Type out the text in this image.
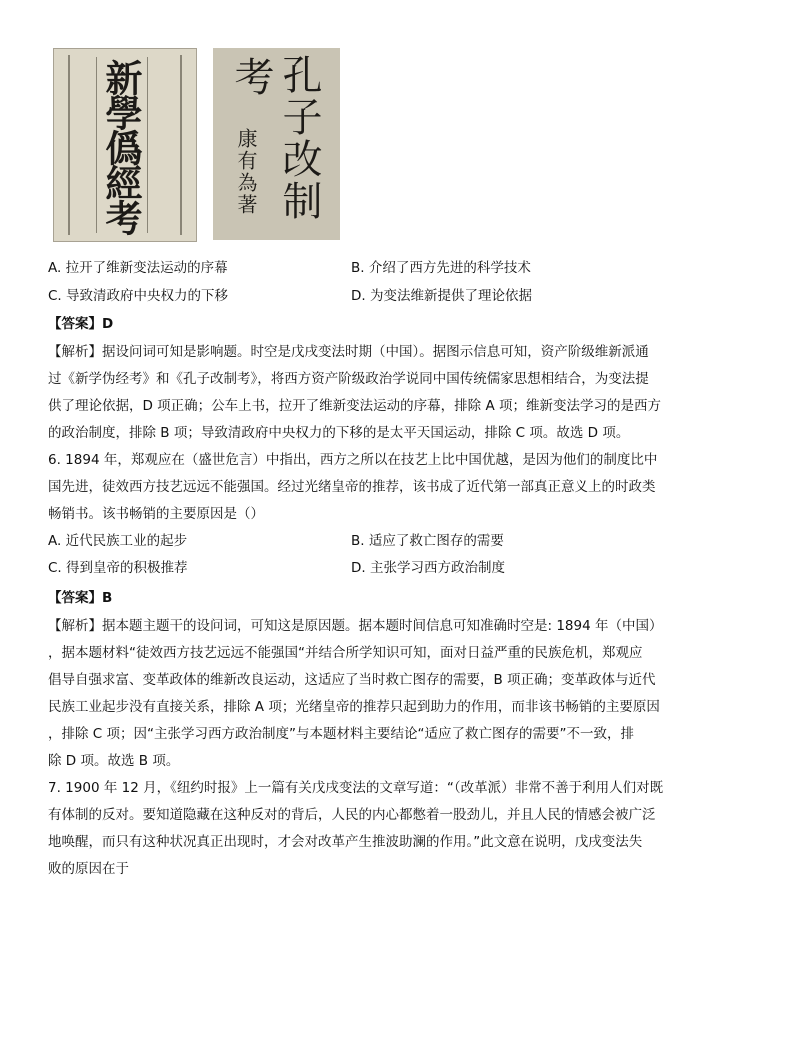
新學僞經考	孔子改制
考
康有為著
A. 拉开了维新变法运动的序幕	B. 介绍了西方先进的科学技术
C. 导致清政府中央权力的下移	D. 为变法维新提供了理论依据
【答案】D
【解析】据设问词可知是影响题。时空是戊戌变法时期（中国）。据图示信息可知，资产阶级维新派通
过《新学伪经考》和《孔子改制考》，将西方资产阶级政治学说同中国传统儒家思想相结合，为变法提
供了理论依据，D 项正确；公车上书，拉开了维新变法运动的序幕，排除 A 项；维新变法学习的是西方
的政治制度，排除 B 项；导致清政府中央权力的下移的是太平天国运动，排除 C 项。故选 D 项。
6. 1894 年，郑观应在（盛世危言）中指出，西方之所以在技艺上比中国优越，是因为他们的制度比中
国先进，徒效西方技艺远远不能强国。经过光绪皇帝的推荐，该书成了近代第一部真正意义上的时政类
畅销书。该书畅销的主要原因是（）
A. 近代民族工业的起步	B. 适应了救亡图存的需要
C. 得到皇帝的积极推荐	D. 主张学习西方政治制度
【答案】B
【解析】据本题主题干的设问词，可知这是原因题。据本题时间信息可知准确时空是: 1894 年（中国）
，据本题材料“徒效西方技艺远远不能强国“并结合所学知识可知，面对日益严重的民族危机，郑观应
倡导自强求富、变革政体的维新改良运动，这适应了当时救亡图存的需要，B 项正确；变革政体与近代
民族工业起步没有直接关系，排除 A 项；光绪皇帝的推荐只起到助力的作用，而非该书畅销的主要原因
，排除 C 项；因“主张学习西方政治制度”与本题材料主要结论“适应了救亡图存的需要”不一致，排
除 D 项。故选 B 项。
7. 1900 年 12 月，《纽约时报》上一篇有关戊戌变法的文章写道：“（改革派）非常不善于利用人们对既
有体制的反对。要知道隐藏在这种反对的背后，人民的内心都憋着一股劲儿，并且人民的情感会被广泛
地唤醒，而只有这种状况真正出现时，才会对改革产生推波助澜的作用。”此文意在说明，戊戌变法失
败的原因在于
